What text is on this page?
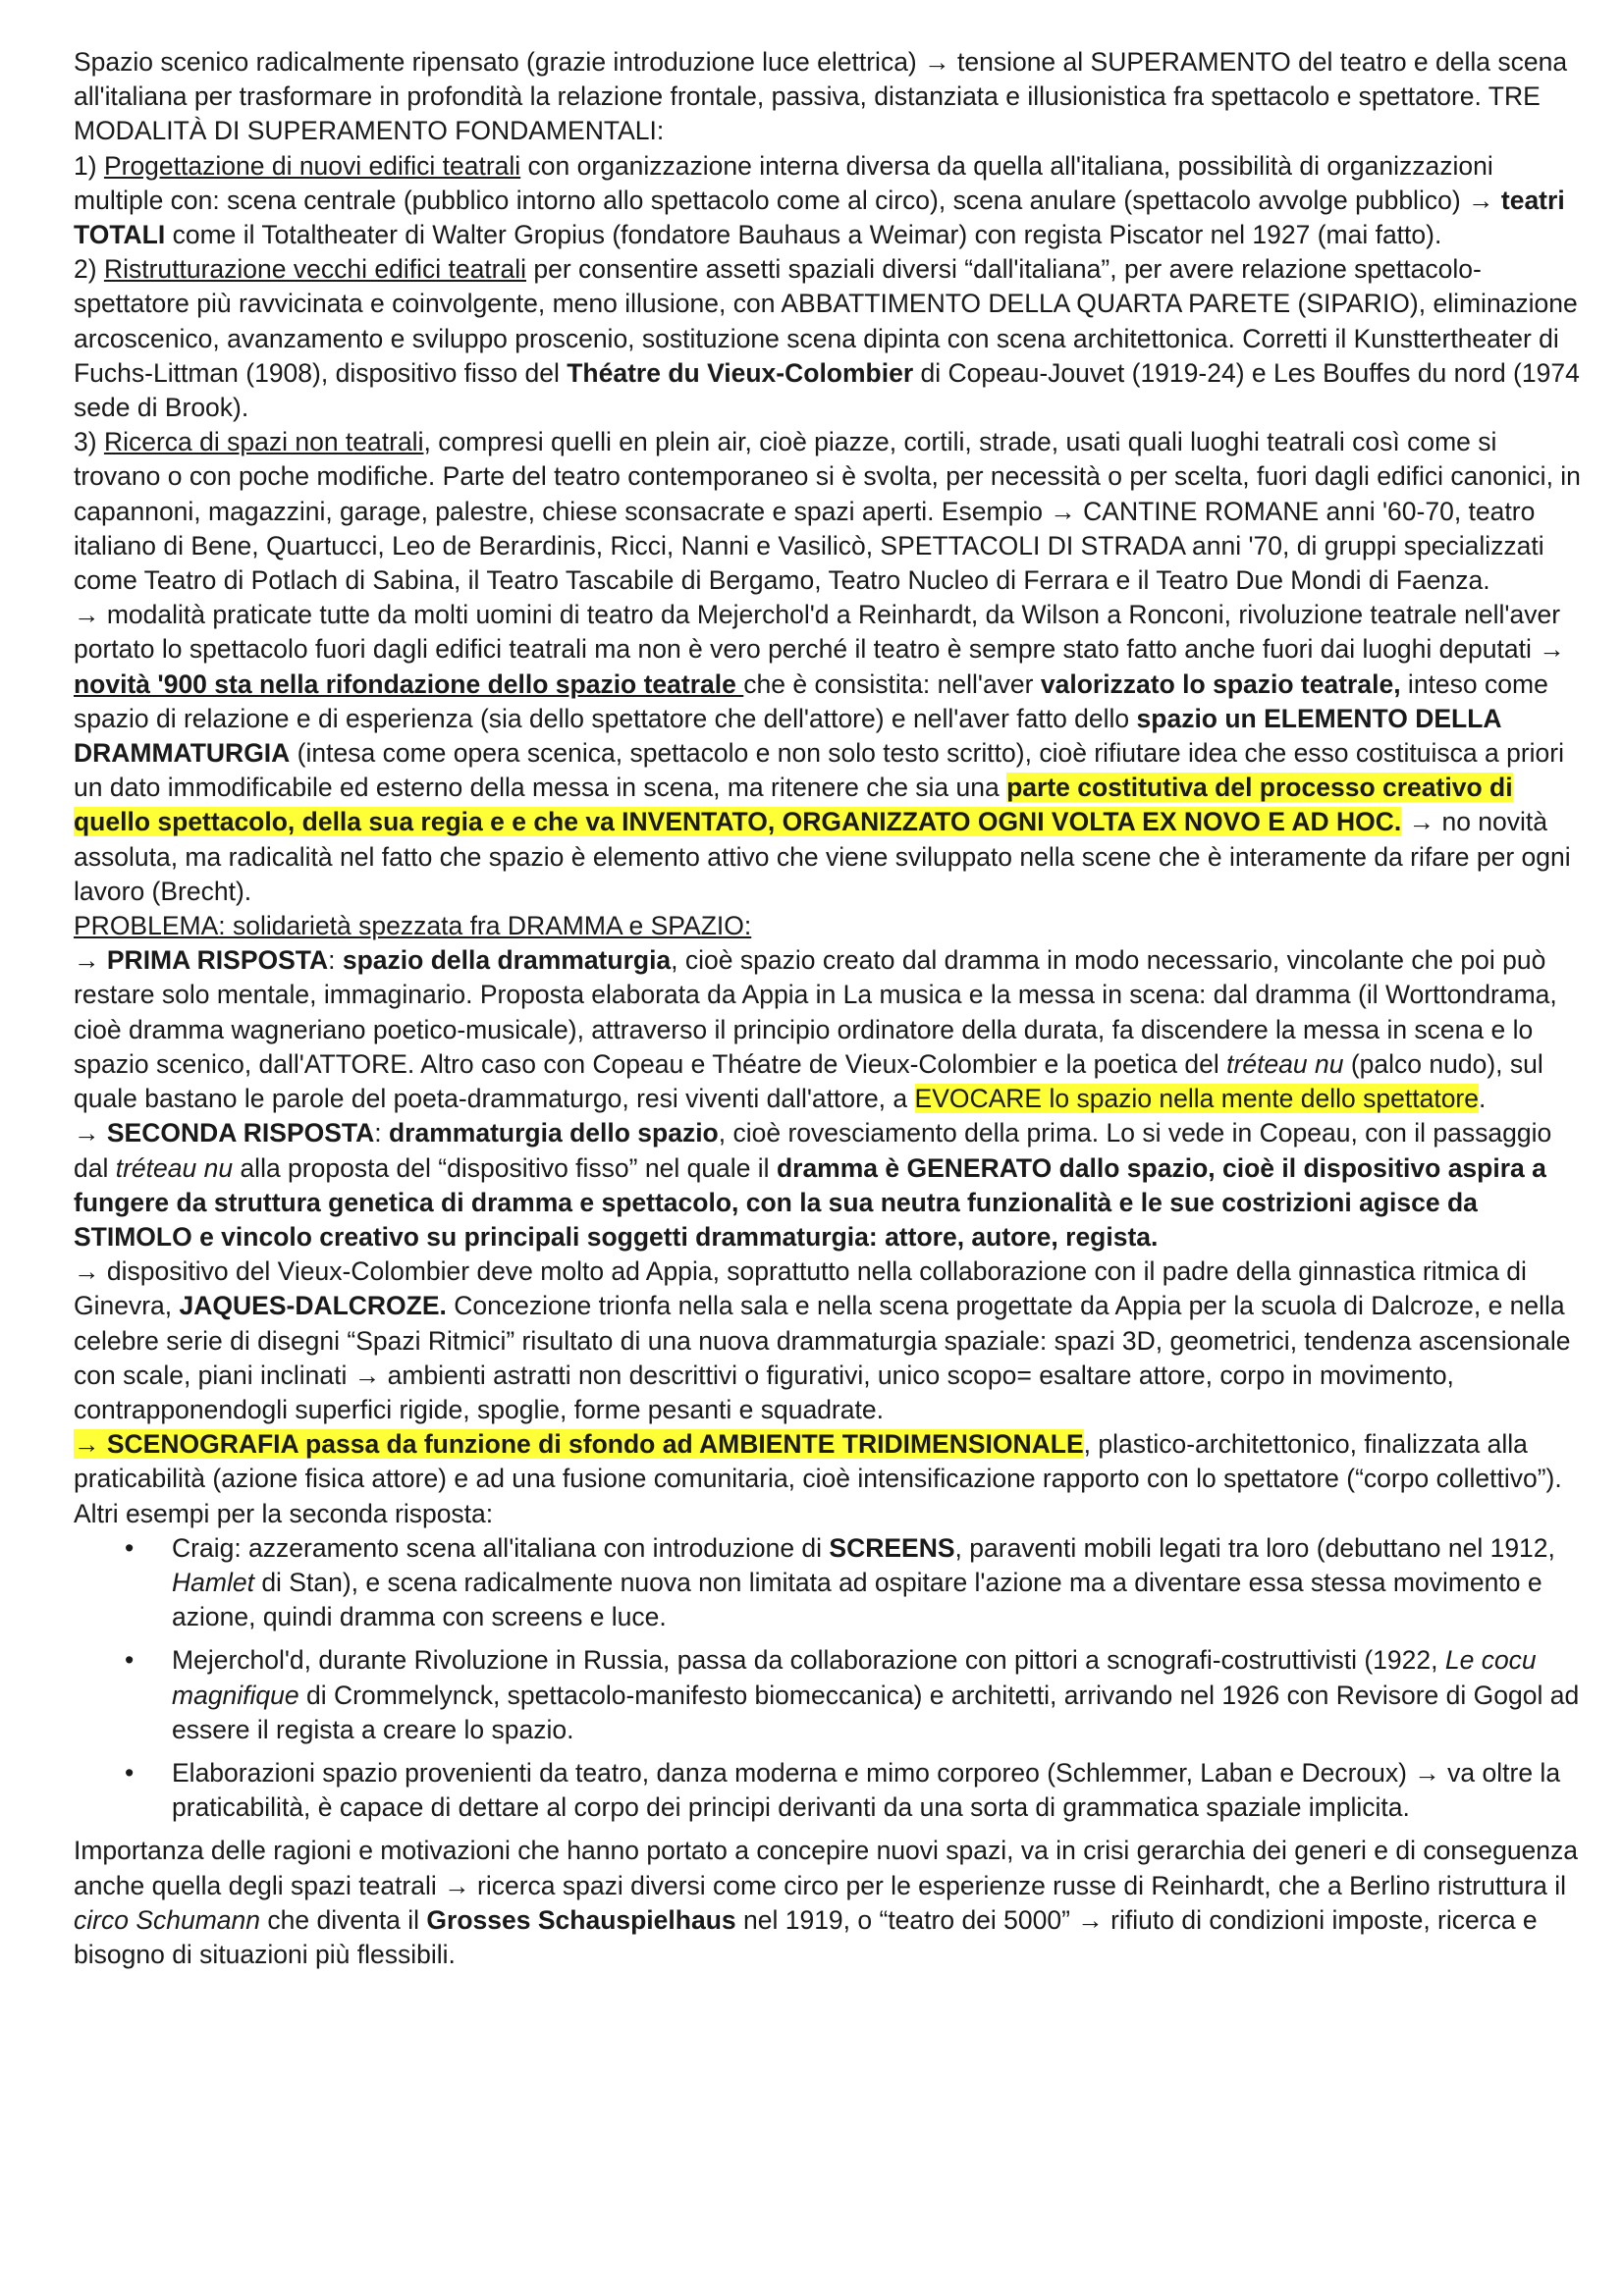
Spazio scenico radicalmente ripensato (grazie introduzione luce elettrica) → tensione al SUPERAMENTO del teatro e della scena all'italiana per trasformare in profondità la relazione frontale, passiva, distanziata e illusionistica fra spettacolo e spettatore. TRE MODALITÀ DI SUPERAMENTO FONDAMENTALI:

1) Progettazione di nuovi edifici teatrali con organizzazione interna diversa da quella all'italiana, possibilità di organizzazioni multiple con: scena centrale (pubblico intorno allo spettacolo come al circo), scena anulare (spettacolo avvolge pubblico) → teatri TOTALI come il Totaltheater di Walter Gropius (fondatore Bauhaus a Weimar) con regista Piscator nel 1927 (mai fatto).

2) Ristrutturazione vecchi edifici teatrali per consentire assetti spaziali diversi “dall'italiana”, per avere relazione spettacolo-spettatore più ravvicinata e coinvolgente, meno illusione, con ABBATTIMENTO DELLA QUARTA PARETE (SIPARIO), eliminazione arcoscenico, avanzamento e sviluppo proscenio, sostituzione scena dipinta con scena architettonica. Corretti il Kunsttertheater di Fuchs-Littman (1908), dispositivo fisso del Théatre du Vieux-Colombier di Copeau-Jouvet (1919-24) e Les Bouffes du nord (1974 sede di Brook).

3) Ricerca di spazi non teatrali, compresi quelli en plein air, cioè piazze, cortili, strade, usati quali luoghi teatrali così come si trovano o con poche modifiche. Parte del teatro contemporaneo si è svolta, per necessità o per scelta, fuori dagli edifici canonici, in capannoni, magazzini, garage, palestre, chiese sconsacrate e spazi aperti. Esempio → CANTINE ROMANE anni '60-70, teatro italiano di Bene, Quartucci, Leo de Berardinis, Ricci, Nanni e Vasilicò, SPETTACOLI DI STRADA anni '70, di gruppi specializzati come Teatro di Potlach di Sabina, il Teatro Tascabile di Bergamo, Teatro Nucleo di Ferrara e il Teatro Due Mondi di Faenza.

→ modalità praticate tutte da molti uomini di teatro da Mejerchol'd a Reinhardt, da Wilson a Ronconi, rivoluzione teatrale nell'aver portato lo spettacolo fuori dagli edifici teatrali ma non è vero perché il teatro è sempre stato fatto anche fuori dai luoghi deputati → novità '900 sta nella rifondazione dello spazio teatrale che è consistita: nell'aver valorizzato lo spazio teatrale, inteso come spazio di relazione e di esperienza (sia dello spettatore che dell'attore) e nell'aver fatto dello spazio un ELEMENTO DELLA DRAMMATURGIA (intesa come opera scenica, spettacolo e non solo testo scritto), cioè rifiutare idea che esso costituisca a priori un dato immodificabile ed esterno della messa in scena, ma ritenere che sia una parte costitutiva del processo creativo di quello spettacolo, della sua regia e e che va INVENTATO, ORGANIZZATO OGNI VOLTA EX NOVO E AD HOC. → no novità assoluta, ma radicalità nel fatto che spazio è elemento attivo che viene sviluppato nella scene che è interamente da rifare per ogni lavoro (Brecht).

PROBLEMA: solidarietà spezzata fra DRAMMA e SPAZIO:

→ PRIMA RISPOSTA: spazio della drammaturgia, cioè spazio creato dal dramma in modo necessario, vincolante che poi può restare solo mentale, immaginario. Proposta elaborata da Appia in La musica e la messa in scena: dal dramma (il Worttondrama, cioè dramma wagneriano poetico-musicale), attraverso il principio ordinatore della durata, fa discendere la messa in scena e lo spazio scenico, dall'ATTORE. Altro caso con Copeau e Théatre de Vieux-Colombier e la poetica del tréteau nu (palco nudo), sul quale bastano le parole del poeta-drammaturgo, resi viventi dall'attore, a EVOCARE lo spazio nella mente dello spettatore.

→ SECONDA RISPOSTA: drammaturgia dello spazio, cioè rovesciamento della prima. Lo si vede in Copeau, con il passaggio dal tréteau nu alla proposta del “dispositivo fisso” nel quale il dramma è GENERATO dallo spazio, cioè il dispositivo aspira a fungere da struttura genetica di dramma e spettacolo, con la sua neutra funzionalità e le sue costrizioni agisce da STIMOLO e vincolo creativo su principali soggetti drammaturgia: attore, autore, regista.

→ dispositivo del Vieux-Colombier deve molto ad Appia, soprattutto nella collaborazione con il padre della ginnastica ritmica di Ginevra, JAQUES-DALCROZE. Concezione trionfa nella sala e nella scena progettate da Appia per la scuola di Dalcroze, e nella celebre serie di disegni “Spazi Ritmici” risultato di una nuova drammaturgia spaziale: spazi 3D, geometrici, tendenza ascensionale con scale, piani inclinati → ambienti astratti non descrittivi o figurativi, unico scopo= esaltare attore, corpo in movimento, contrapponendogli superfici rigide, spoglie, forme pesanti e squadrate.

→ SCENOGRAFIA passa da funzione di sfondo ad AMBIENTE TRIDIMENSIONALE, plastico-architettonico, finalizzata alla praticabilità (azione fisica attore) e ad una fusione comunitaria, cioè intensificazione rapporto con lo spettatore (“corpo collettivo”). Altri esempi per la seconda risposta:

• Craig: azzeramento scena all'italiana con introduzione di SCREENS, paraventi mobili legati tra loro (debuttano nel 1912, Hamlet di Stan), e scena radicalmente nuova non limitata ad ospitare l'azione ma a diventare essa stessa movimento e azione, quindi dramma con screens e luce.
• Mejerchol'd, durante Rivoluzione in Russia, passa da collaborazione con pittori a scnografi-costruttivisti (1922, Le cocu magnifique di Crommelynck, spettacolo-manifesto biomeccanica) e architetti, arrivando nel 1926 con Revisore di Gogol ad essere il regista a creare lo spazio.
• Elaborazioni spazio provenienti da teatro, danza moderna e mimo corporeo (Schlemmer, Laban e Decroux) → va oltre la praticabilità, è capace di dettare al corpo dei principi derivanti da una sorta di grammatica spaziale implicita.

Importanza delle ragioni e motivazioni che hanno portato a concepire nuovi spazi, va in crisi gerarchia dei generi e di conseguenza anche quella degli spazi teatrali → ricerca spazi diversi come circo per le esperienze russe di Reinhardt, che a Berlino ristruttura il circo Schumann che diventa il Grosses Schauspielhaus nel 1919, o “teatro dei 5000” → rifiuto di condizioni imposte, ricerca e bisogno di situazioni più flessibili.
